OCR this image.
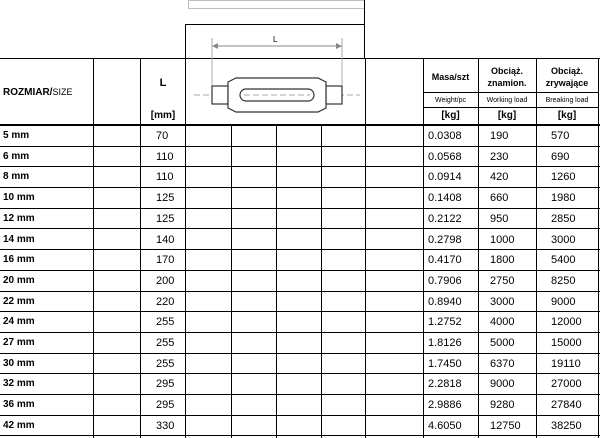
L
ROZMIAR/SIZE
L
[mm]
Masa/szt
Weight/pc
[kg]
Obciąż.
znamion.
Working load
[kg]
Obciąż.
zrywające
Breaking load
[kg]
5 mm	70	0.0308	190	570
6 mm	110	0.0568	230	690
8 mm	110	0.0914	420	1260
10 mm	125	0.1408	660	1980
12 mm	125	0.2122	950	2850
14 mm	140	0.2798	1000	3000
16 mm	170	0.4170	1800	5400
20 mm	200	0.7906	2750	8250
22 mm	220	0.8940	3000	9000
24 mm	255	1.2752	4000	12000
27 mm	255	1.8126	5000	15000
30 mm	255	1.7450	6370	19110
32 mm	295	2.2818	9000	27000
36 mm	295	2.9886	9280	27840
42 mm	330	4.6050	12750	38250
